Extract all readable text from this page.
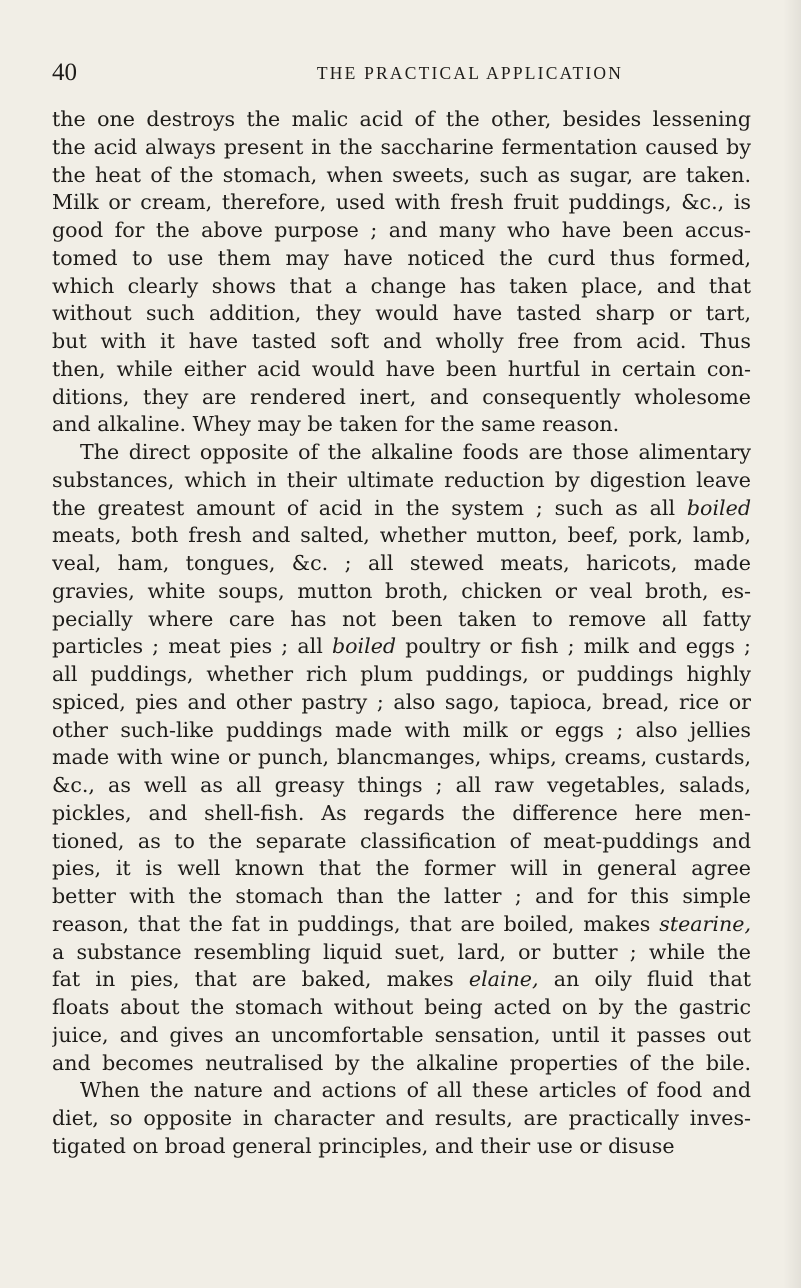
40	THE PRACTICAL APPLICATION
the one destroys the malic acid of the other, besides lessening
the acid always present in the saccharine fermentation caused by
the heat of the stomach, when sweets, such as sugar, are taken.
Milk or cream, therefore, used with fresh fruit puddings, &c., is
good for the above purpose ; and many who have been accus-
tomed to use them may have noticed the curd thus formed,
which clearly shows that a change has taken place, and that
without such addition, they would have tasted sharp or tart,
but with it have tasted soft and wholly free from acid. Thus
then, while either acid would have been hurtful in certain con-
ditions, they are rendered inert, and consequently wholesome
and alkaline. Whey may be taken for the same reason.
The direct opposite of the alkaline foods are those alimentary
substances, which in their ultimate reduction by digestion leave
the greatest amount of acid in the system ; such as all boiled
meats, both fresh and salted, whether mutton, beef, pork, lamb,
veal, ham, tongues, &c. ; all stewed meats, haricots, made
gravies, white soups, mutton broth, chicken or veal broth, es-
pecially where care has not been taken to remove all fatty
particles ; meat pies ; all boiled poultry or fish ; milk and eggs ;
all puddings, whether rich plum puddings, or puddings highly
spiced, pies and other pastry ; also sago, tapioca, bread, rice or
other such-like puddings made with milk or eggs ; also jellies
made with wine or punch, blancmanges, whips, creams, custards,
&c., as well as all greasy things ; all raw vegetables, salads,
pickles, and shell-fish. As regards the difference here men-
tioned, as to the separate classification of meat-puddings and
pies, it is well known that the former will in general agree
better with the stomach than the latter ; and for this simple
reason, that the fat in puddings, that are boiled, makes stearine,
a substance resembling liquid suet, lard, or butter ; while the
fat in pies, that are baked, makes elaine, an oily fluid that
floats about the stomach without being acted on by the gastric
juice, and gives an uncomfortable sensation, until it passes out
and becomes neutralised by the alkaline properties of the bile.
When the nature and actions of all these articles of food and
diet, so opposite in character and results, are practically inves-
tigated on broad general principles, and their use or disuse
